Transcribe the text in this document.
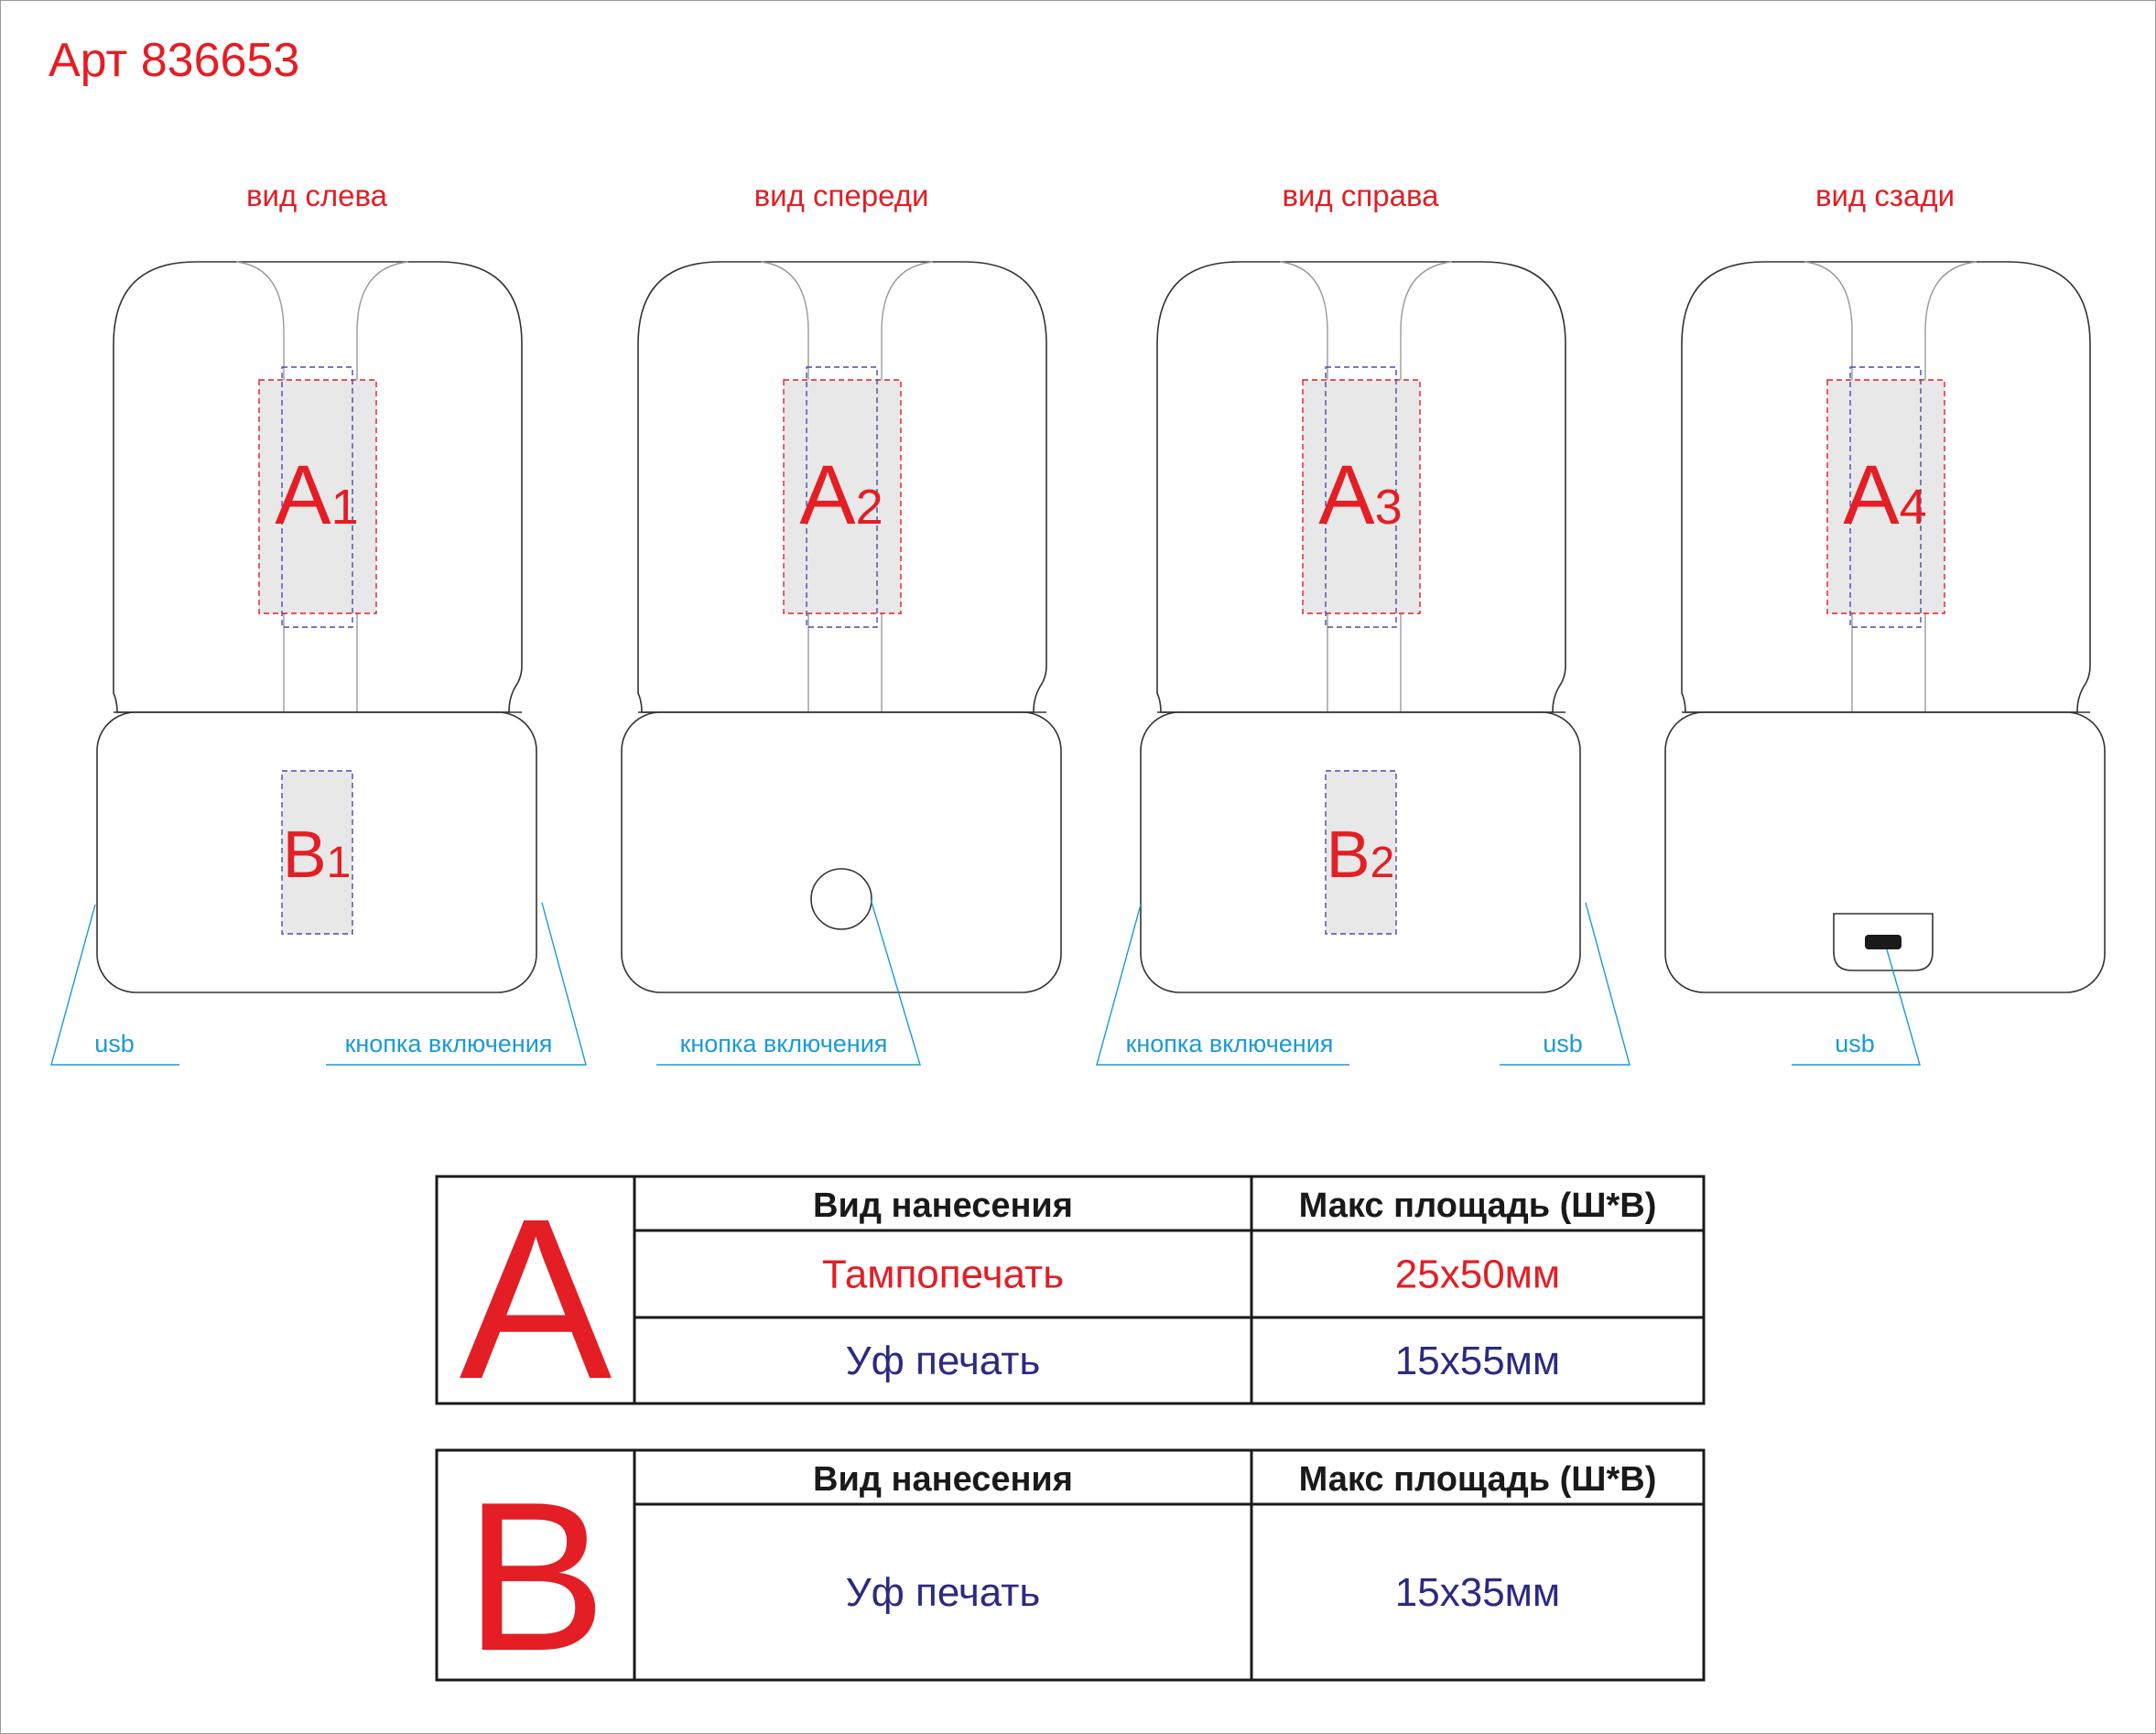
Арт 836653
вид слева
A1
B1
usb	кнопка включения
вид спереди
A2
кнопка включения
вид справа
A3
B2
кнопка включения	usb
вид сзади
A4
usb
A	Вид нанесения	Макс площадь (Ш*В)
Тампопечать	25x50мм
Уф печать	15x55мм
B	Вид нанесения	Макс площадь (Ш*В)
Уф печать	15x35мм
